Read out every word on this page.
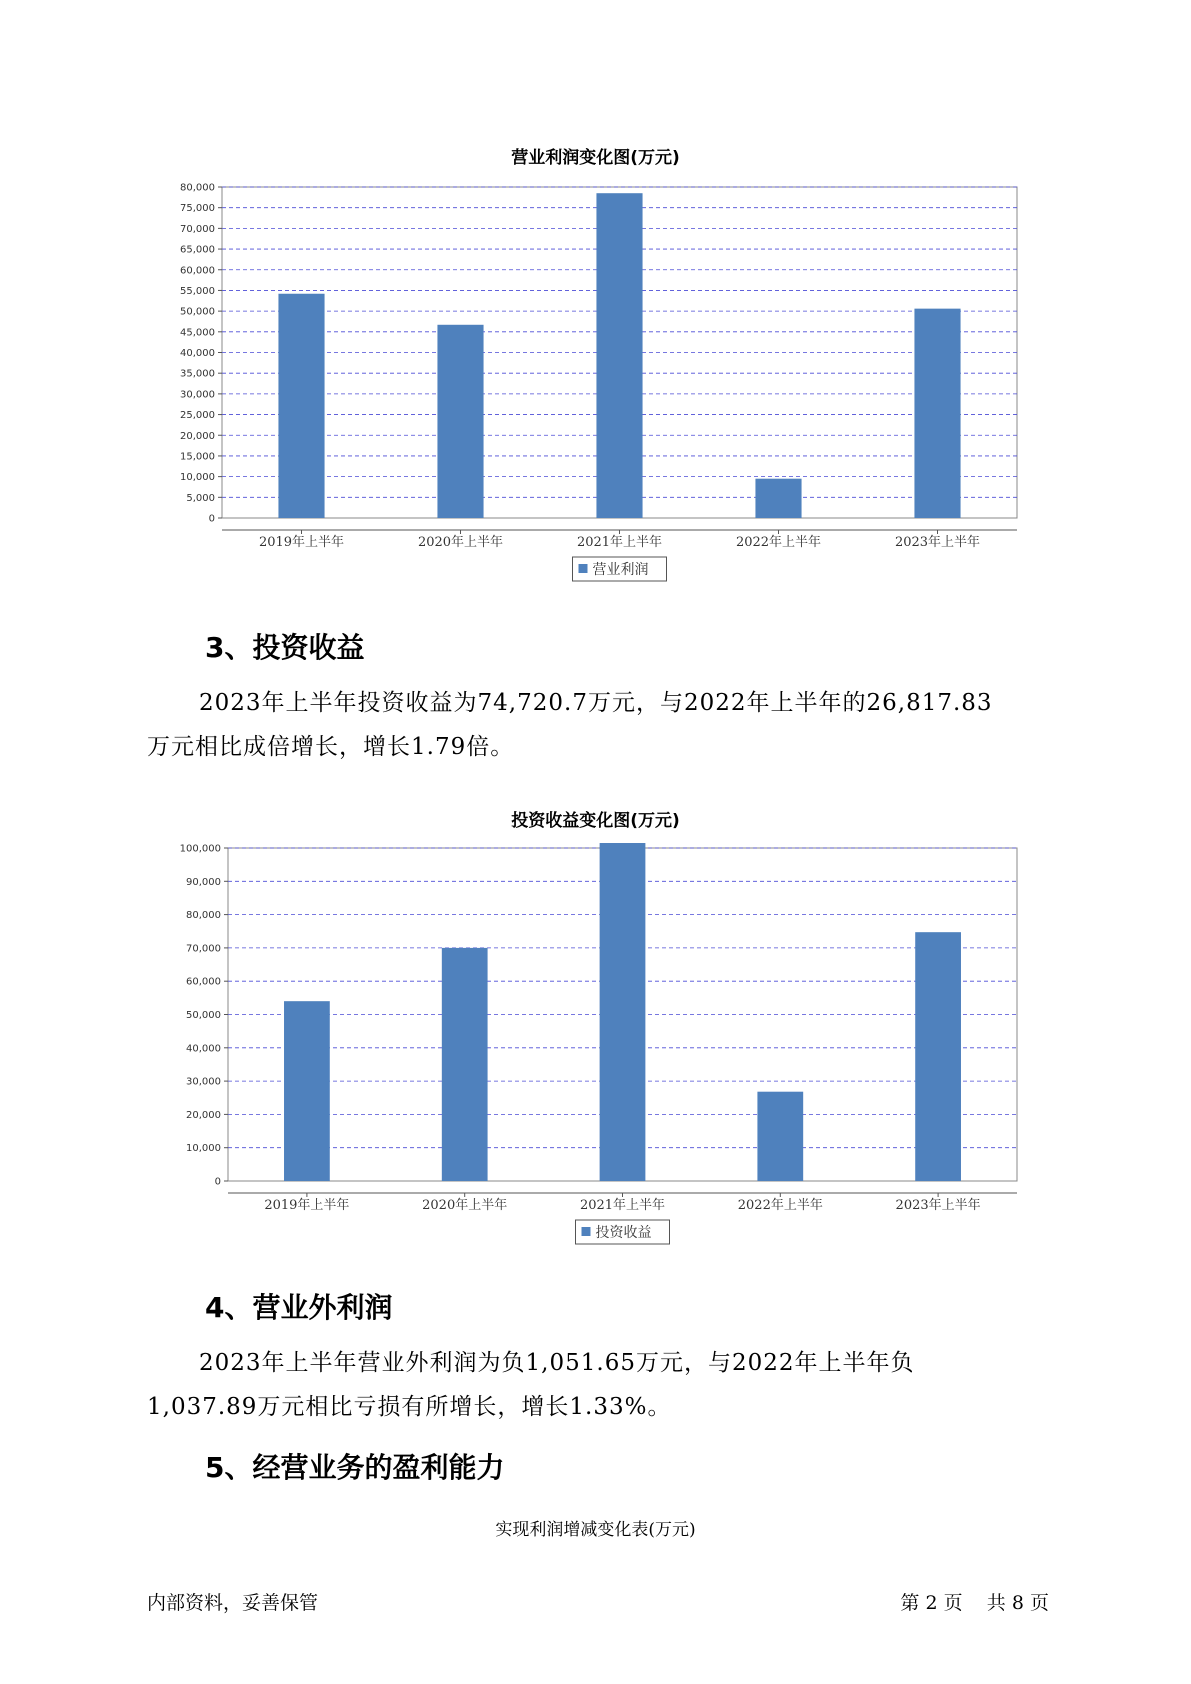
营业利润变化图(万元)
0
5,000
10,000
15,000
20,000
25,000
30,000
35,000
40,000
45,000
50,000
55,000
60,000
65,000
70,000
75,000
80,000
2019年上半年	2020年上半年	2021年上半年	2022年上半年	2023年上半年
营业利润
3、投资收益

2023年上半年投资收益为74,720.7万元，与2022年上半年的26,817.83
万元相比成倍增长，增长1.79倍。

投资收益变化图(万元)
0
10,000
20,000
30,000
40,000
50,000
60,000
70,000
80,000
90,000
100,000
2019年上半年	2020年上半年	2021年上半年	2022年上半年	2023年上半年
投资收益
4、营业外利润

2023年上半年营业外利润为负1,051.65万元，与2022年上半年负
1,037.89万元相比亏损有所增长，增长1.33%。

5、经营业务的盈利能力
实现利润增减变化表(万元)
内部资料，妥善保管	第 2 页 共 8 页
